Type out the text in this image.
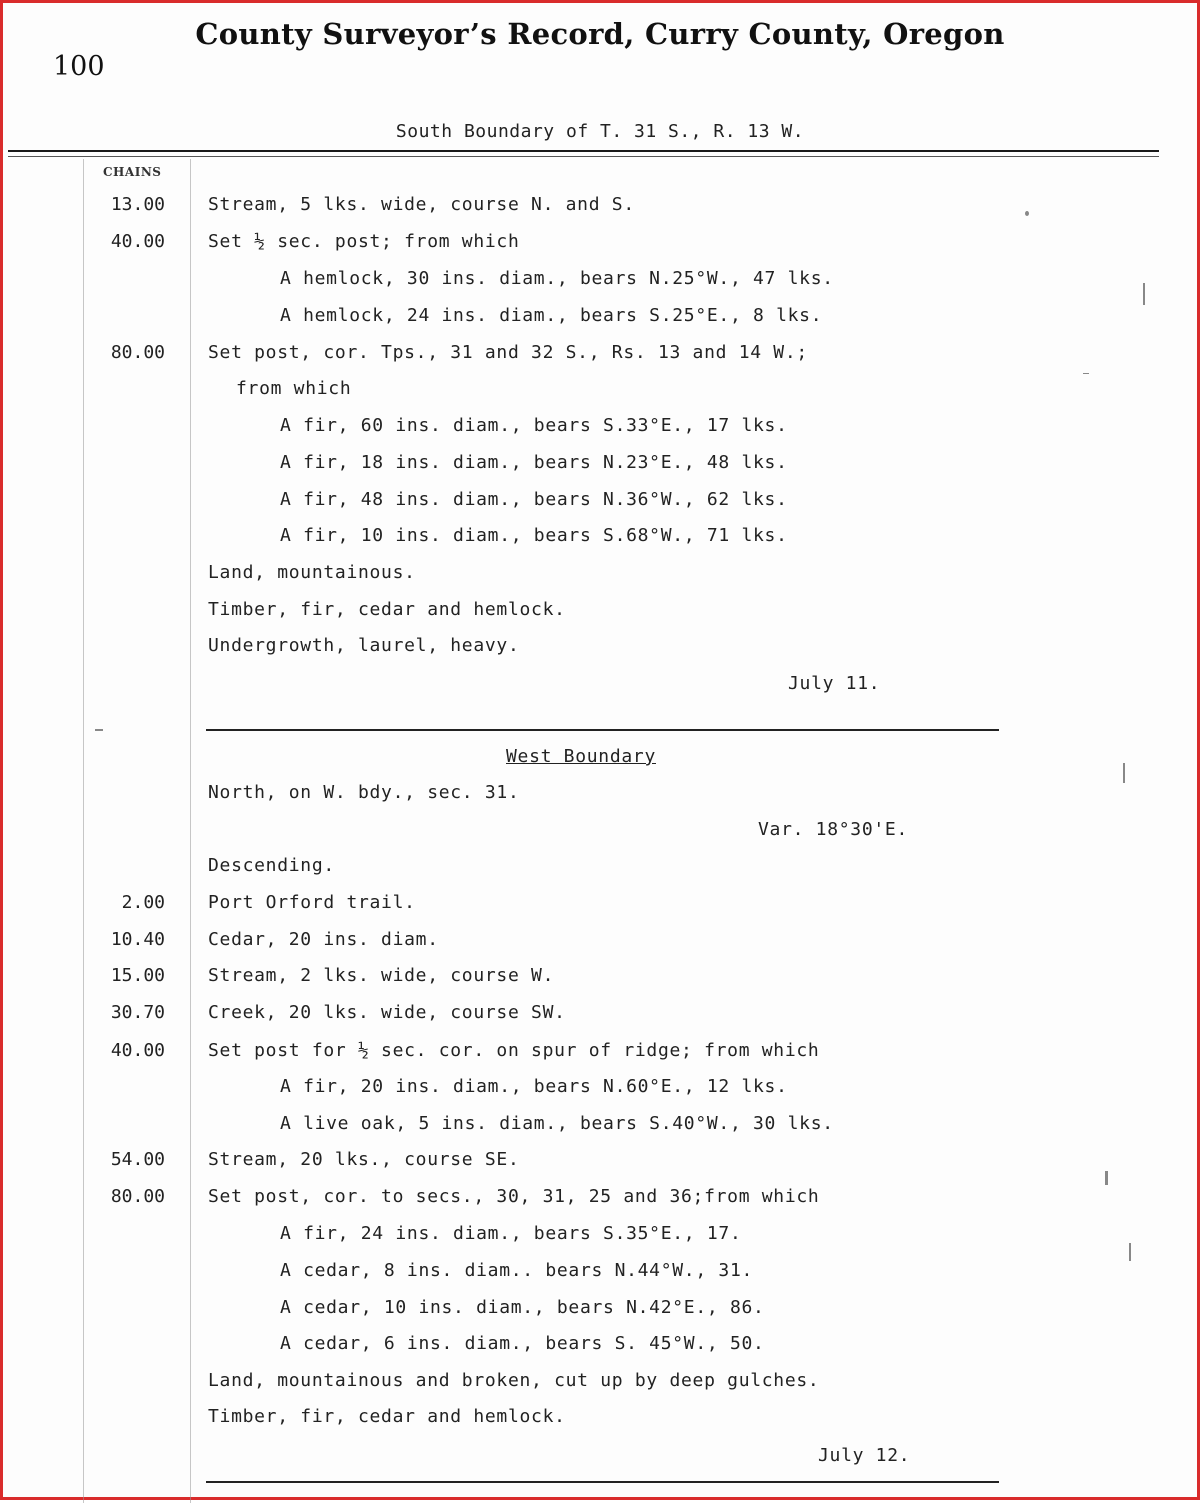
County Surveyor’s Record, Curry County, Oregon
100
South Boundary of T. 31 S., R. 13 W.
CHAINS
13.00 Stream, 5 lks. wide, course N. and S.
40.00 Set ½ sec. post; from which
A hemlock, 30 ins. diam., bears N.25°W., 47 lks.
A hemlock, 24 ins. diam., bears S.25°E., 8 lks.
80.00 Set post, cor. Tps., 31 and 32 S., Rs. 13 and 14 W.;
from which
A fir, 60 ins. diam., bears S.33°E., 17 lks.
A fir, 18 ins. diam., bears N.23°E., 48 lks.
A fir, 48 ins. diam., bears N.36°W., 62 lks.
A fir, 10 ins. diam., bears S.68°W., 71 lks.
Land, mountainous.
Timber, fir, cedar and hemlock.
Undergrowth, laurel, heavy.
July 11.
West Boundary
North, on W. bdy., sec. 31.
Var. 18°30'E.
Descending.
2.00 Port Orford trail.
10.40 Cedar, 20 ins. diam.
15.00 Stream, 2 lks. wide, course W.
30.70 Creek, 20 lks. wide, course SW.
40.00 Set post for ½ sec. cor. on spur of ridge; from which
A fir, 20 ins. diam., bears N.60°E., 12 lks.
A live oak, 5 ins. diam., bears S.40°W., 30 lks.
54.00 Stream, 20 lks., course SE.
80.00 Set post, cor. to secs., 30, 31, 25 and 36;from which
A fir, 24 ins. diam., bears S.35°E., 17.
A cedar, 8 ins. diam.. bears N.44°W., 31.
A cedar, 10 ins. diam., bears N.42°E., 86.
A cedar, 6 ins. diam., bears S. 45°W., 50.
Land, mountainous and broken, cut up by deep gulches.
Timber, fir, cedar and hemlock.
July 12.
